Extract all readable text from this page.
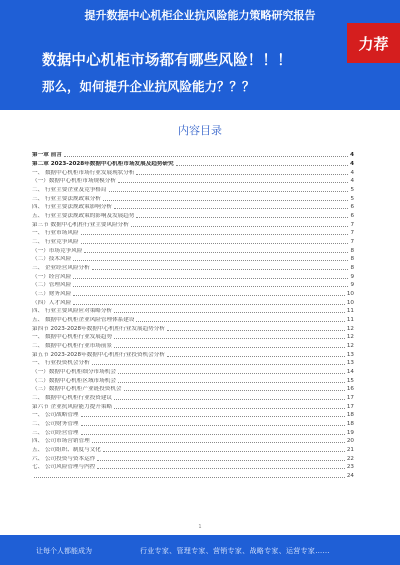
提升数据中心机柜企业抗风险能力策略研究报告
数据中心机柜市场都有哪些风险！！！
那么，如何提升企业抗风险能力？？？
力荐
内容目录
第一章 前言	4
第二章 2023-2028年数据中心机柜市场发展及趋势研究	4
一、 数据中心机柜市场行业发展现状分析	4
（一）数据中心机柜市场规模分析	4
二、 行业主要企业及竞争格局	5
三、 行业主要法规政策分析	5
四、 行业主要法规政策影响分析	6
五、 行业主要法规政策的影响及发展趋势	6
第三节 数据中心机柜行业主要风险分析	7
一、 行业市场风险	7
二、 行业竞争风险	7
（一）市场竞争风险	8
（二）技术风险	8
三、 企业经营风险分析	8
（一）经营风险	9
（二）管理风险	9
（三）财务风险	10
（四）人才风险	10
四、 行业主要风险应对策略分析	11
五、 数据中心机柜企业风险管理体系建设	11
第四节 2023-2028年数据中心机柜行业发展趋势分析	12
一、 数据中心机柜行业发展趋势	12
二、 数据中心机柜行业市场前景	12
第五节 2023-2028年数据中心机柜行业投资机会分析	13
一、 行业投资机会分析	13
（一）数据中心机柜细分市场机会	14
（二）数据中心机柜区域市场机会	15
（三）数据中心机柜产业链投资机会	16
二、 数据中心机柜行业投资建议	17
第六节 企业抗风险能力提升策略	17
一、 公司战略管理	18
二、 公司财务管理	18
三、 公司经营管理	19
四、 公司市场营销管理	20
五、 公司组织、制度与文化	21
六、 公司投资与资本运作	22
七、 公司风险管理与内控	23
24
1
让每个人都能成为	行业专家、管理专家、营销专家、战略专家、运营专家……
